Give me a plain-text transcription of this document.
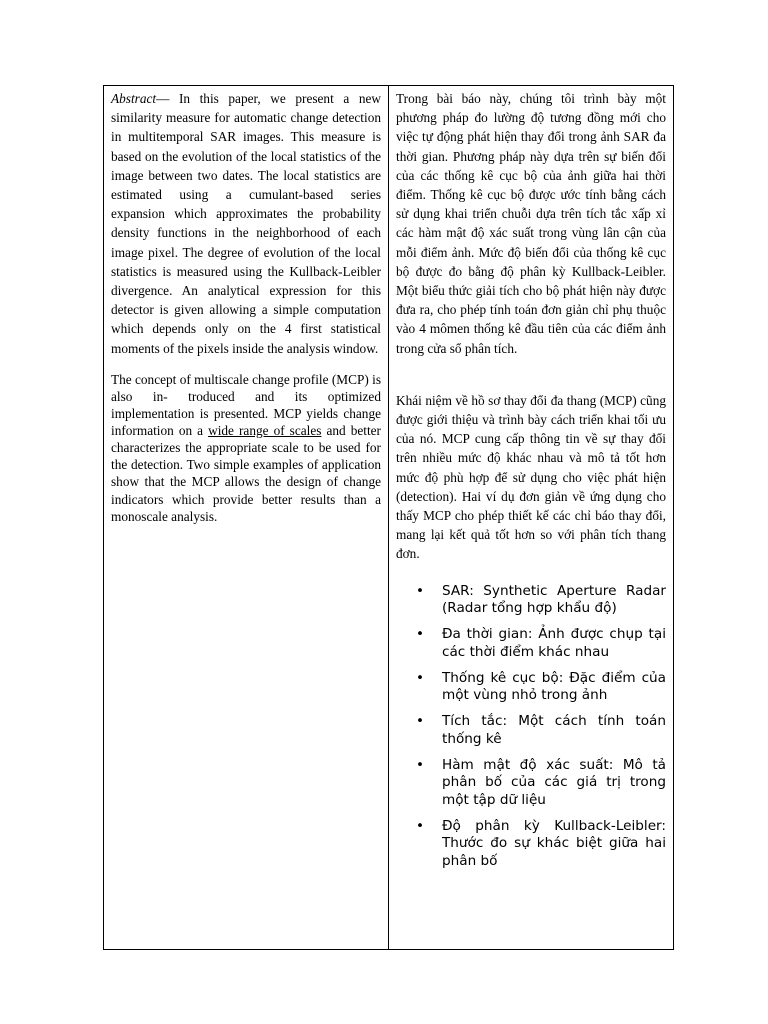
Abstract— In this paper, we present a new similarity measure for automatic change detection in multitemporal SAR images. This measure is based on the evolution of the local statistics of the image between two dates. The local statistics are estimated using a cumulant-based series expansion which approximates the probability density functions in the neighborhood of each image pixel. The degree of evolution of the local statistics is measured using the Kullback-Leibler divergence. An analytical expression for this detector is given allowing a simple computation which depends only on the 4 first statistical moments of the pixels inside the analysis window.

The concept of multiscale change profile (MCP) is also in- troduced and its optimized implementation is presented. MCP yields change information on a wide range of scales and better characterizes the appropriate scale to be used for the detection. Two simple examples of application show that the MCP allows the design of change indicators which provide better results than a monoscale analysis.

Trong bài báo này, chúng tôi trình bày một phương pháp đo lường độ tương đồng mới cho việc tự động phát hiện thay đổi trong ảnh SAR đa thời gian. Phương pháp này dựa trên sự biến đổi của các thống kê cục bộ của ảnh giữa hai thời điểm. Thống kê cục bộ được ước tính bằng cách sử dụng khai triển chuỗi dựa trên tích tắc xấp xỉ các hàm mật độ xác suất trong vùng lân cận của mỗi điểm ảnh. Mức độ biến đổi của thống kê cục bộ được đo bằng độ phân kỳ Kullback-Leibler. Một biểu thức giải tích cho bộ phát hiện này được đưa ra, cho phép tính toán đơn giản chỉ phụ thuộc vào 4 mômen thống kê đầu tiên của các điểm ảnh trong cửa sổ phân tích.

Khái niệm về hồ sơ thay đổi đa thang (MCP) cũng được giới thiệu và trình bày cách triển khai tối ưu của nó. MCP cung cấp thông tin về sự thay đổi trên nhiều mức độ khác nhau và mô tả tốt hơn mức độ phù hợp để sử dụng cho việc phát hiện (detection). Hai ví dụ đơn giản về ứng dụng cho thấy MCP cho phép thiết kế các chỉ báo thay đổi, mang lại kết quả tốt hơn so với phân tích thang đơn.

• SAR: Synthetic Aperture Radar (Radar tổng hợp khẩu độ)
• Đa thời gian: Ảnh được chụp tại các thời điểm khác nhau
• Thống kê cục bộ: Đặc điểm của một vùng nhỏ trong ảnh
• Tích tắc: Một cách tính toán thống kê
• Hàm mật độ xác suất: Mô tả phân bố của các giá trị trong một tập dữ liệu
• Độ phân kỳ Kullback-Leibler: Thước đo sự khác biệt giữa hai phân bố
